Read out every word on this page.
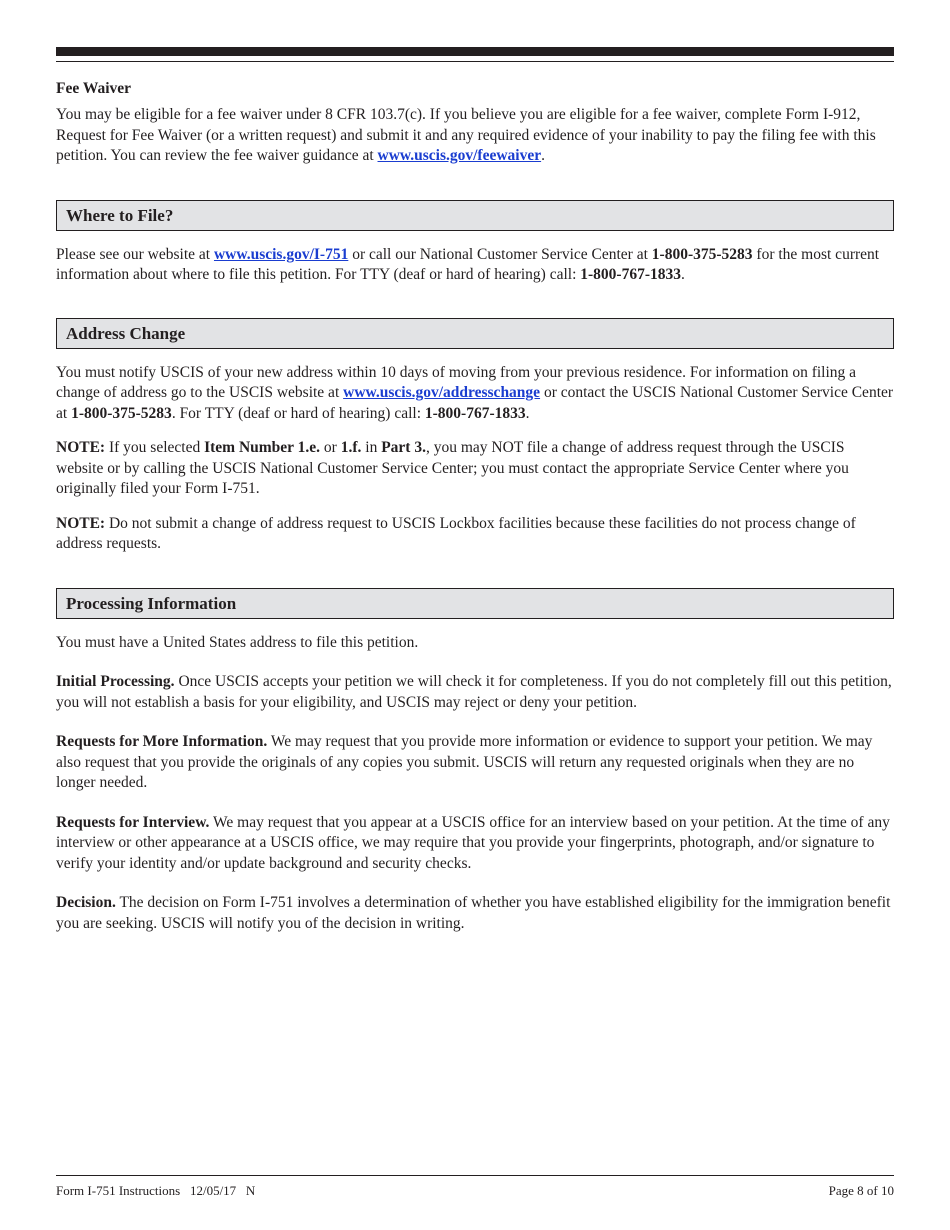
Fee Waiver

You may be eligible for a fee waiver under 8 CFR 103.7(c). If you believe you are eligible for a fee waiver, complete Form I-912, Request for Fee Waiver (or a written request) and submit it and any required evidence of your inability to pay the filing fee with this petition. You can review the fee waiver guidance at www.uscis.gov/feewaiver.

Where to File?

Please see our website at www.uscis.gov/I-751 or call our National Customer Service Center at 1-800-375-5283 for the most current information about where to file this petition. For TTY (deaf or hard of hearing) call: 1-800-767-1833.

Address Change

You must notify USCIS of your new address within 10 days of moving from your previous residence. For information on filing a change of address go to the USCIS website at www.uscis.gov/addresschange or contact the USCIS National Customer Service Center at 1-800-375-5283. For TTY (deaf or hard of hearing) call: 1-800-767-1833.

NOTE: If you selected Item Number 1.e. or 1.f. in Part 3., you may NOT file a change of address request through the USCIS website or by calling the USCIS National Customer Service Center; you must contact the appropriate Service Center where you originally filed your Form I-751.

NOTE: Do not submit a change of address request to USCIS Lockbox facilities because these facilities do not process change of address requests.

Processing Information

You must have a United States address to file this petition.

Initial Processing. Once USCIS accepts your petition we will check it for completeness. If you do not completely fill out this petition, you will not establish a basis for your eligibility, and USCIS may reject or deny your petition.

Requests for More Information. We may request that you provide more information or evidence to support your petition. We may also request that you provide the originals of any copies you submit. USCIS will return any requested originals when they are no longer needed.

Requests for Interview. We may request that you appear at a USCIS office for an interview based on your petition. At the time of any interview or other appearance at a USCIS office, we may require that you provide your fingerprints, photograph, and/or signature to verify your identity and/or update background and security checks.

Decision. The decision on Form I-751 involves a determination of whether you have established eligibility for the immigration benefit you are seeking. USCIS will notify you of the decision in writing.

Form I-751 Instructions   12/05/17   N	Page 8 of 10
